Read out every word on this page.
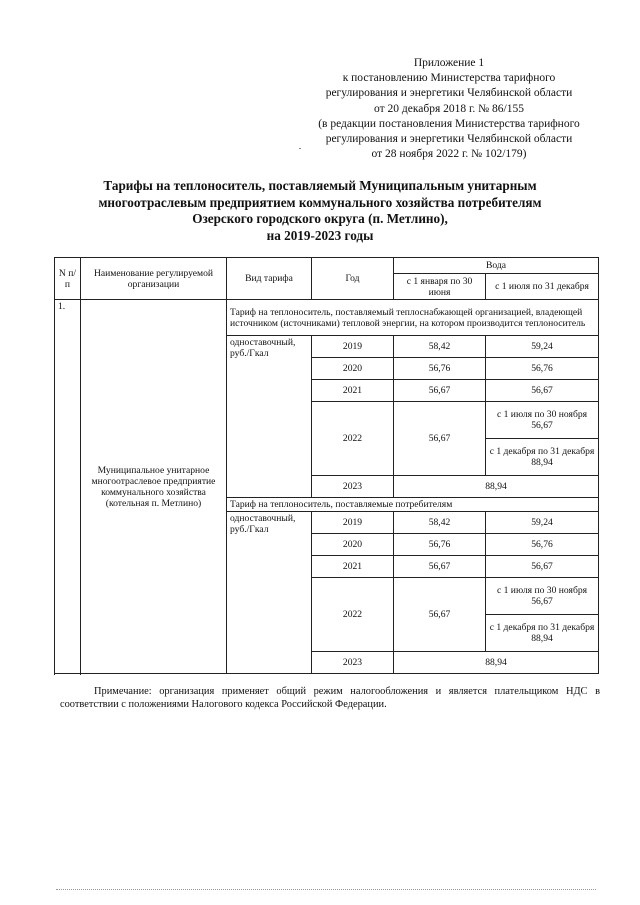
Приложение 1
к постановлению Министерства тарифного
регулирования и энергетики Челябинской области
от 20 декабря 2018 г. № 86/155
(в редакции постановления Министерства тарифного
регулирования и энергетики Челябинской области
от 28 ноября 2022 г. № 102/179)
Тарифы на теплоноситель, поставляемый Муниципальным унитарным
многоотраслевым предприятием коммунального хозяйства потребителям
Озерского городского округа (п. Метлино),
на 2019-2023 годы
N п/п	Наименование регулируемой организации	Вид тарифа	Год	Вода	
				с 1 января по 30 июня	с 1 июля по 31 декабря
1.	Муниципальное унитарное многоотраслевое предприятие коммунального хозяйства (котельная п. Метлино)	Тариф на теплоноситель, поставляемый теплоснабжающей организацией, владеющей источником (источниками) тепловой энергии, на котором производится теплоноситель			
		одноставочный, руб./Гкал	2019	58,42	59,24
			2020	56,76	56,76
			2021	56,67	56,67
			2022	56,67	с 1 июля по 30 ноября 56,67
					с 1 декабря по 31 декабря 88,94
			2023	88,94	
		Тариф на теплоноситель, поставляемые потребителям			
		одноставочный, руб./Гкал	2019	58,42	59,24
			2020	56,76	56,76
			2021	56,67	56,67
			2022	56,67	с 1 июля по 30 ноября 56,67
					с 1 декабря по 31 декабря 88,94
			2023	88,94	

Примечание: организация применяет общий режим налогообложения и является плательщиком НДС в соответствии с положениями Налогового кодекса Российской Федерации.
